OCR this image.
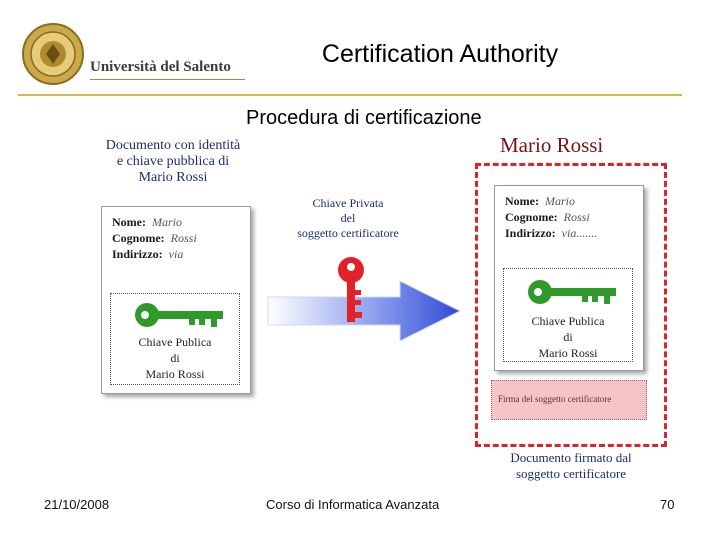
Università del Salento	Certification Authority
Procedura di certificazione
Documento con identità
e chiave pubblica di
Mario Rossi
Nome: Mario
Cognome: Rossi
Indirizzo: via
Chiave Publica
di
Mario Rossi
Chiave Privata
del
soggetto certificatore
Mario Rossi
Nome: Mario
Cognome: Rossi
Indirizzo: via.......
Chiave Publica
di
Mario Rossi
Firma del soggetto certificatore
Documento firmato dal
soggetto certificatore
21/10/2008	Corso di Informatica Avanzata	70
